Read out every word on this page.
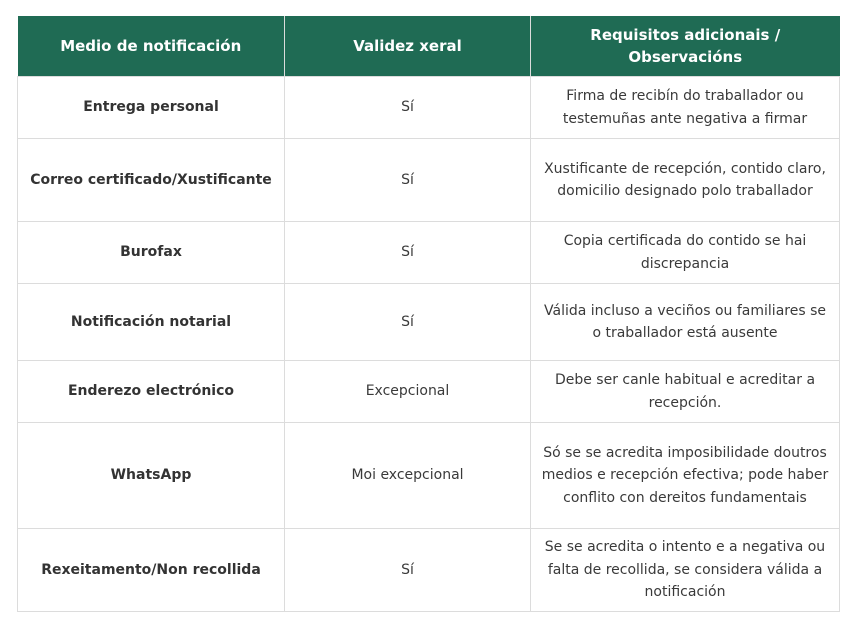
Medio de notificación	Validez xeral	Requisitos adicionais / Observacións
Entrega personal	Sí	Firma de recibín do traballador ou testemuñas ante negativa a firmar
Correo certificado/Xustificante	Sí	Xustificante de recepción, contido claro, domicilio designado polo traballador
Burofax	Sí	Copia certificada do contido se hai discrepancia
Notificación notarial	Sí	Válida incluso a veciños ou familiares se o traballador está ausente
Enderezo electrónico	Excepcional	Debe ser canle habitual e acreditar a recepción.
WhatsApp	Moi excepcional	Só se se acredita imposibilidade doutros medios e recepción efectiva; pode haber conflito con dereitos fundamentais
Rexeitamento/Non recollida	Sí	Se se acredita o intento e a negativa ou falta de recollida, se considera válida a notificación
